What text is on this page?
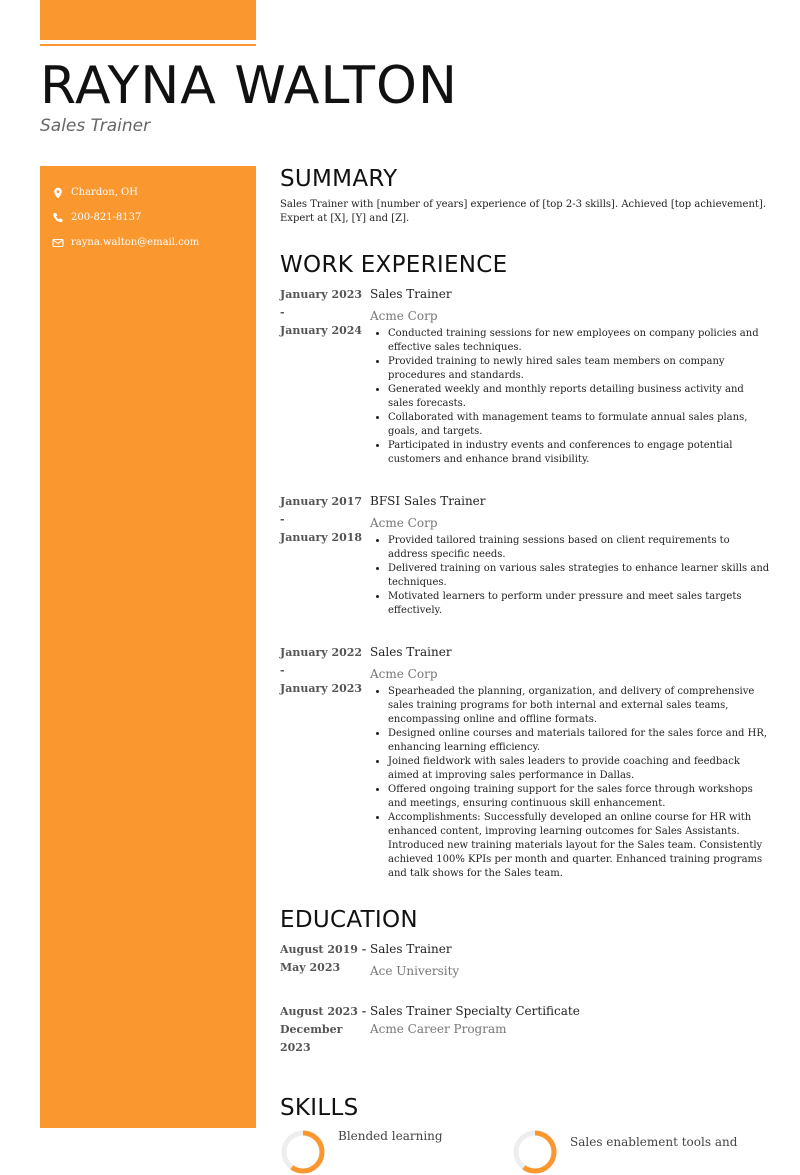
RAYNA WALTON
Sales Trainer
Chardon, OH
200-821-8137
rayna.walton@email.com
SUMMARY

Sales Trainer with [number of years] experience of [top 2-3 skills]. Achieved [top achievement]. Expert at [X], [Y] and [Z].

WORK EXPERIENCE
January 2023
-
January 2024
Sales Trainer
Acme Corp
• Conducted training sessions for new employees on company policies and effective sales techniques.
• Provided training to newly hired sales team members on company procedures and standards.
• Generated weekly and monthly reports detailing business activity and sales forecasts.
• Collaborated with management teams to formulate annual sales plans, goals, and targets.
• Participated in industry events and conferences to engage potential customers and enhance brand visibility.
January 2017
-
January 2018
BFSI Sales Trainer
Acme Corp
• Provided tailored training sessions based on client requirements to address specific needs.
• Delivered training on various sales strategies to enhance learner skills and techniques.
• Motivated learners to perform under pressure and meet sales targets effectively.
January 2022
-
January 2023
Sales Trainer
Acme Corp
• Spearheaded the planning, organization, and delivery of comprehensive sales training programs for both internal and external sales teams, encompassing online and offline formats.
• Designed online courses and materials tailored for the sales force and HR, enhancing learning efficiency.
• Joined fieldwork with sales leaders to provide coaching and feedback aimed at improving sales performance in Dallas.
• Offered ongoing training support for the sales force through workshops and meetings, ensuring continuous skill enhancement.
• Accomplishments: Successfully developed an online course for HR with enhanced content, improving learning outcomes for Sales Assistants. Introduced new training materials layout for the Sales team. Consistently achieved 100% KPIs per month and quarter. Enhanced training programs and talk shows for the Sales team.
EDUCATION
August 2019 -
May 2023
Sales Trainer
Ace University
August 2023 -
December 2023
Sales Trainer Specialty Certificate
Acme Career Program
SKILLS
Blended learning	Sales enablement tools and
